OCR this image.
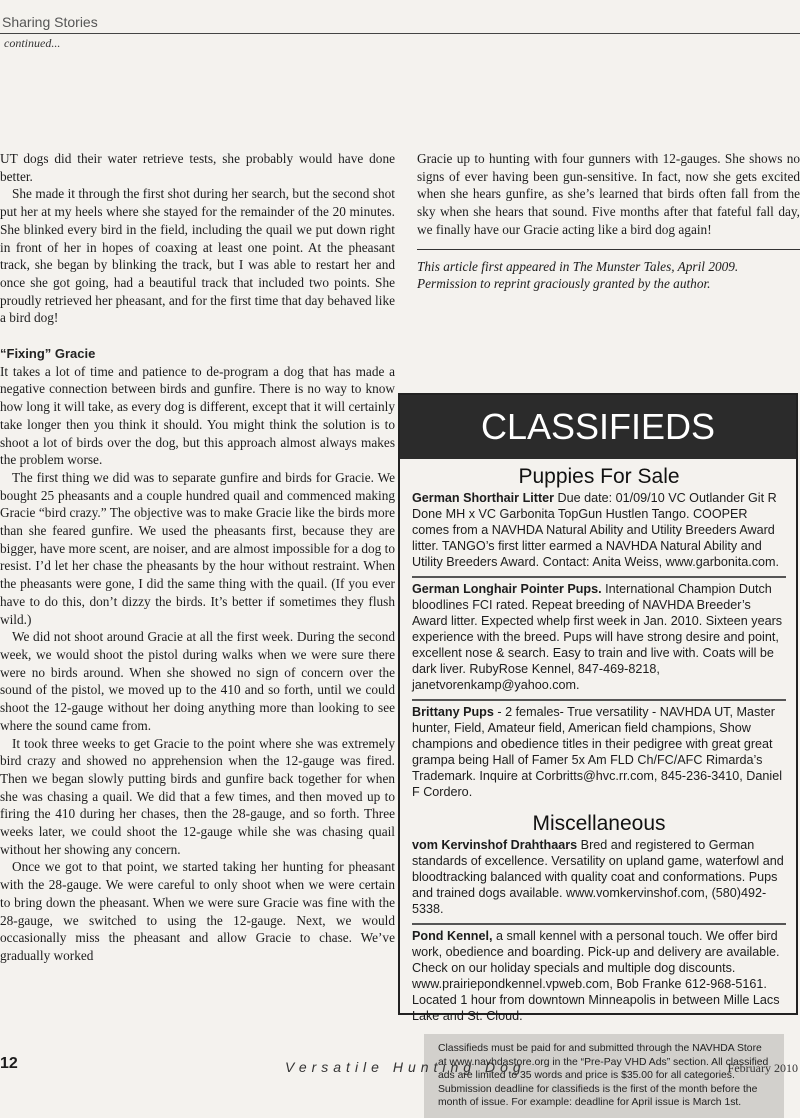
Sharing Stories
continued...

UT dogs did their water retrieve tests, she probably would have done better.

She made it through the first shot during her search, but the second shot put her at my heels where she stayed for the remainder of the 20 minutes. She blinked every bird in the field, including the quail we put down right in front of her in hopes of coaxing at least one point. At the pheasant track, she began by blinking the track, but I was able to restart her and once she got going, had a beautiful track that included two points. She proudly retrieved her pheasant, and for the first time that day behaved like a bird dog!

“Fixing” Gracie

It takes a lot of time and patience to de-program a dog that has made a negative connection between birds and gunfire. There is no way to know how long it will take, as every dog is different, except that it will certainly take longer then you think it should. You might think the solution is to shoot a lot of birds over the dog, but this approach almost always makes the problem worse.

The first thing we did was to separate gunfire and birds for Gracie. We bought 25 pheasants and a couple hundred quail and commenced making Gracie “bird crazy.” The objective was to make Gracie like the birds more than she feared gunfire. We used the pheasants first, because they are bigger, have more scent, are noiser, and are almost impossible for a dog to resist. I’d let her chase the pheasants by the hour without restraint. When the pheasants were gone, I did the same thing with the quail. (If you ever have to do this, don’t dizzy the birds. It’s better if sometimes they flush wild.)

We did not shoot around Gracie at all the first week. During the second week, we would shoot the pistol during walks when we were sure there were no birds around. When she showed no sign of concern over the sound of the pistol, we moved up to the 410 and so forth, until we could shoot the 12-gauge without her doing anything more than looking to see where the sound came from.

It took three weeks to get Gracie to the point where she was extremely bird crazy and showed no apprehension when the 12-gauge was fired. Then we began slowly putting birds and gunfire back together for when she was chasing a quail. We did that a few times, and then moved up to firing the 410 during her chases, then the 28-gauge, and so forth. Three weeks later, we could shoot the 12-gauge while she was chasing quail without her showing any concern.

Once we got to that point, we started taking her hunting for pheasant with the 28-gauge. We were careful to only shoot when we were certain to bring down the pheasant. When we were sure Gracie was fine with the 28-gauge, we switched to using the 12-gauge. Next, we would occasionally miss the pheasant and allow Gracie to chase. We’ve gradually worked

Gracie up to hunting with four gunners with 12-gauges. She shows no signs of ever having been gun-sensitive. In fact, now she gets excited when she hears gunfire, as she’s learned that birds often fall from the sky when she hears that sound. Five months after that fateful fall day, we finally have our Gracie acting like a bird dog again!

This article first appeared in The Munster Tales, April 2009. Permission to reprint graciously granted by the author.
CLASSIFIEDS
Puppies For Sale
German Shorthair Litter Due date: 01/09/10 VC Outlander Git R Done MH x VC Garbonita TopGun Hustlen Tango. COOPER comes from a NAVHDA Natural Ability and Utility Breeders Award litter. TANGO’s first litter earmed a NAVHDA Natural Ability and Utility Breeders Award. Contact: Anita Weiss, www.garbonita.com.
German Longhair Pointer Pups. International Champion Dutch bloodlines FCI rated. Repeat breeding of NAVHDA Breeder’s Award litter. Expected whelp first week in Jan. 2010. Sixteen years experience with the breed. Pups will have strong desire and point, excellent nose & search. Easy to train and live with. Coats will be dark liver. RubyRose Kennel, 847-469-8218, janetvorenkamp@yahoo.com.
Brittany Pups - 2 females- True versatility - NAVHDA UT, Master hunter, Field, Amateur field, American field champions, Show champions and obedience titles in their pedigree with great great grampa being Hall of Famer 5x Am FLD Ch/FC/AFC Rimarda’s Trademark. Inquire at Corbritts@hvc.rr.com, 845-236-3410, Daniel F Cordero.
Miscellaneous
vom Kervinshof Drahthaars Bred and registered to German standards of excellence. Versatility on upland game, waterfowl and bloodtracking balanced with quality coat and conformations. Pups and trained dogs available. www.vomkervinshof.com, (580)492-5338.
Pond Kennel, a small kennel with a personal touch. We offer bird work, obedience and boarding. Pick-up and delivery are available. Check on our holiday specials and multiple dog discounts. www.prairiepondkennel.vpweb.com, Bob Franke 612-968-5161. Located 1 hour from downtown Minneapolis in between Mille Lacs Lake and St. Cloud.
Classifieds must be paid for and submitted through the NAVHDA Store at www.navhdastore.org in the “Pre-Pay VHD Ads” section. All classified ads are limited to 35 words and price is $35.00 for all categories. Submission deadline for classifieds is the first of the month before the month of issue. For example: deadline for April issue is March 1st.
12	Versatile Hunting Dog	February 2010
